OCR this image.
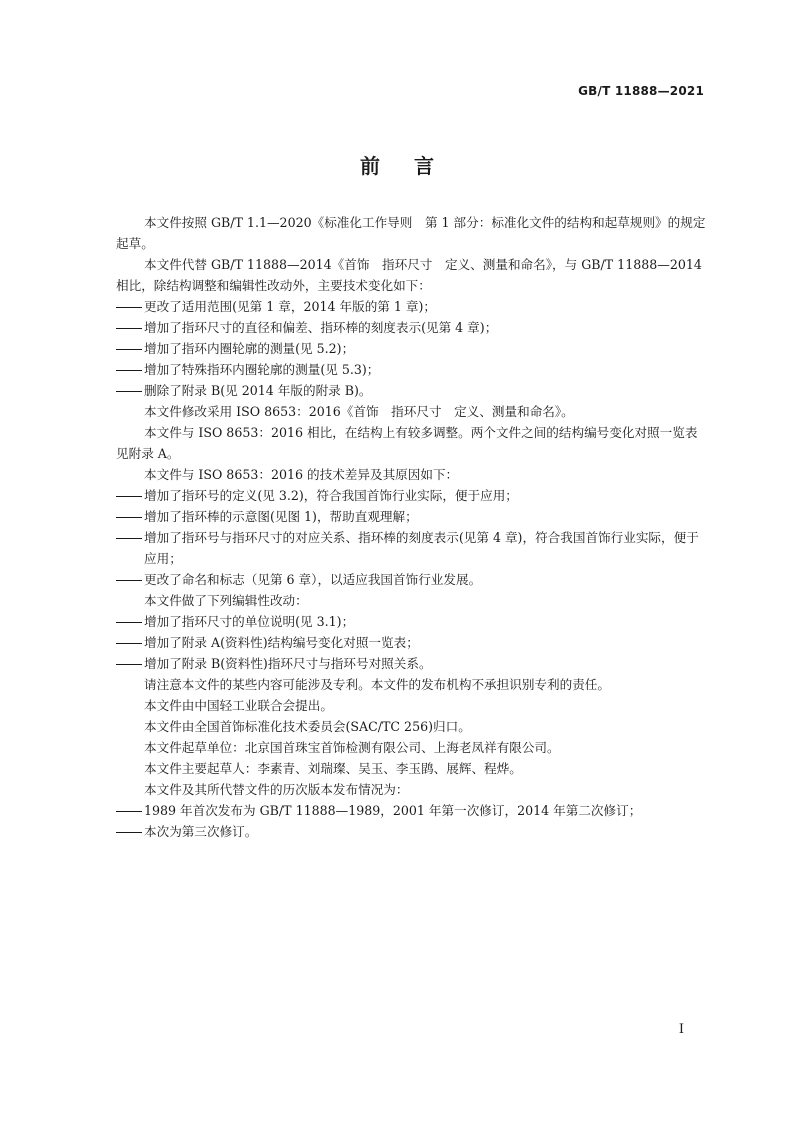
GB/T 11888—2021
前言

本文件按照 GB/T 1.1—2020《标准化工作导则　第 1 部分：标准化文件的结构和起草规则》的规定起草。

本文件代替 GB/T 11888—2014《首饰　指环尺寸　定义、测量和命名》，与 GB/T 11888—2014 相比，除结构调整和编辑性改动外，主要技术变化如下：

更改了适用范围(见第 1 章，2014 年版的第 1 章)；

增加了指环尺寸的直径和偏差、指环棒的刻度表示(见第 4 章)；

增加了指环内圈轮廓的测量(见 5.2)；

增加了特殊指环内圈轮廓的测量(见 5.3)；

删除了附录 B(见 2014 年版的附录 B)。

本文件修改采用 ISO 8653：2016《首饰　指环尺寸　定义、测量和命名》。

本文件与 ISO 8653：2016 相比，在结构上有较多调整。两个文件之间的结构编号变化对照一览表见附录 A。

本文件与 ISO 8653：2016 的技术差异及其原因如下：

增加了指环号的定义(见 3.2)，符合我国首饰行业实际，便于应用；

增加了指环棒的示意图(见图 1)，帮助直观理解；

增加了指环号与指环尺寸的对应关系、指环棒的刻度表示(见第 4 章)，符合我国首饰行业实际，便于应用；

更改了命名和标志（见第 6 章），以适应我国首饰行业发展。

本文件做了下列编辑性改动：

增加了指环尺寸的单位说明(见 3.1)；

增加了附录 A(资料性)结构编号变化对照一览表；

增加了附录 B(资料性)指环尺寸与指环号对照关系。

请注意本文件的某些内容可能涉及专利。本文件的发布机构不承担识别专利的责任。

本文件由中国轻工业联合会提出。

本文件由全国首饰标准化技术委员会(SAC/TC 256)归口。

本文件起草单位：北京国首珠宝首饰检测有限公司、上海老凤祥有限公司。

本文件主要起草人：李素青、刘瑞璨、吴玉、李玉鹍、展辉、程烨。

本文件及其所代替文件的历次版本发布情况为：

1989 年首次发布为 GB/T 11888—1989，2001 年第一次修订，2014 年第二次修订；

本次为第三次修订。

I
